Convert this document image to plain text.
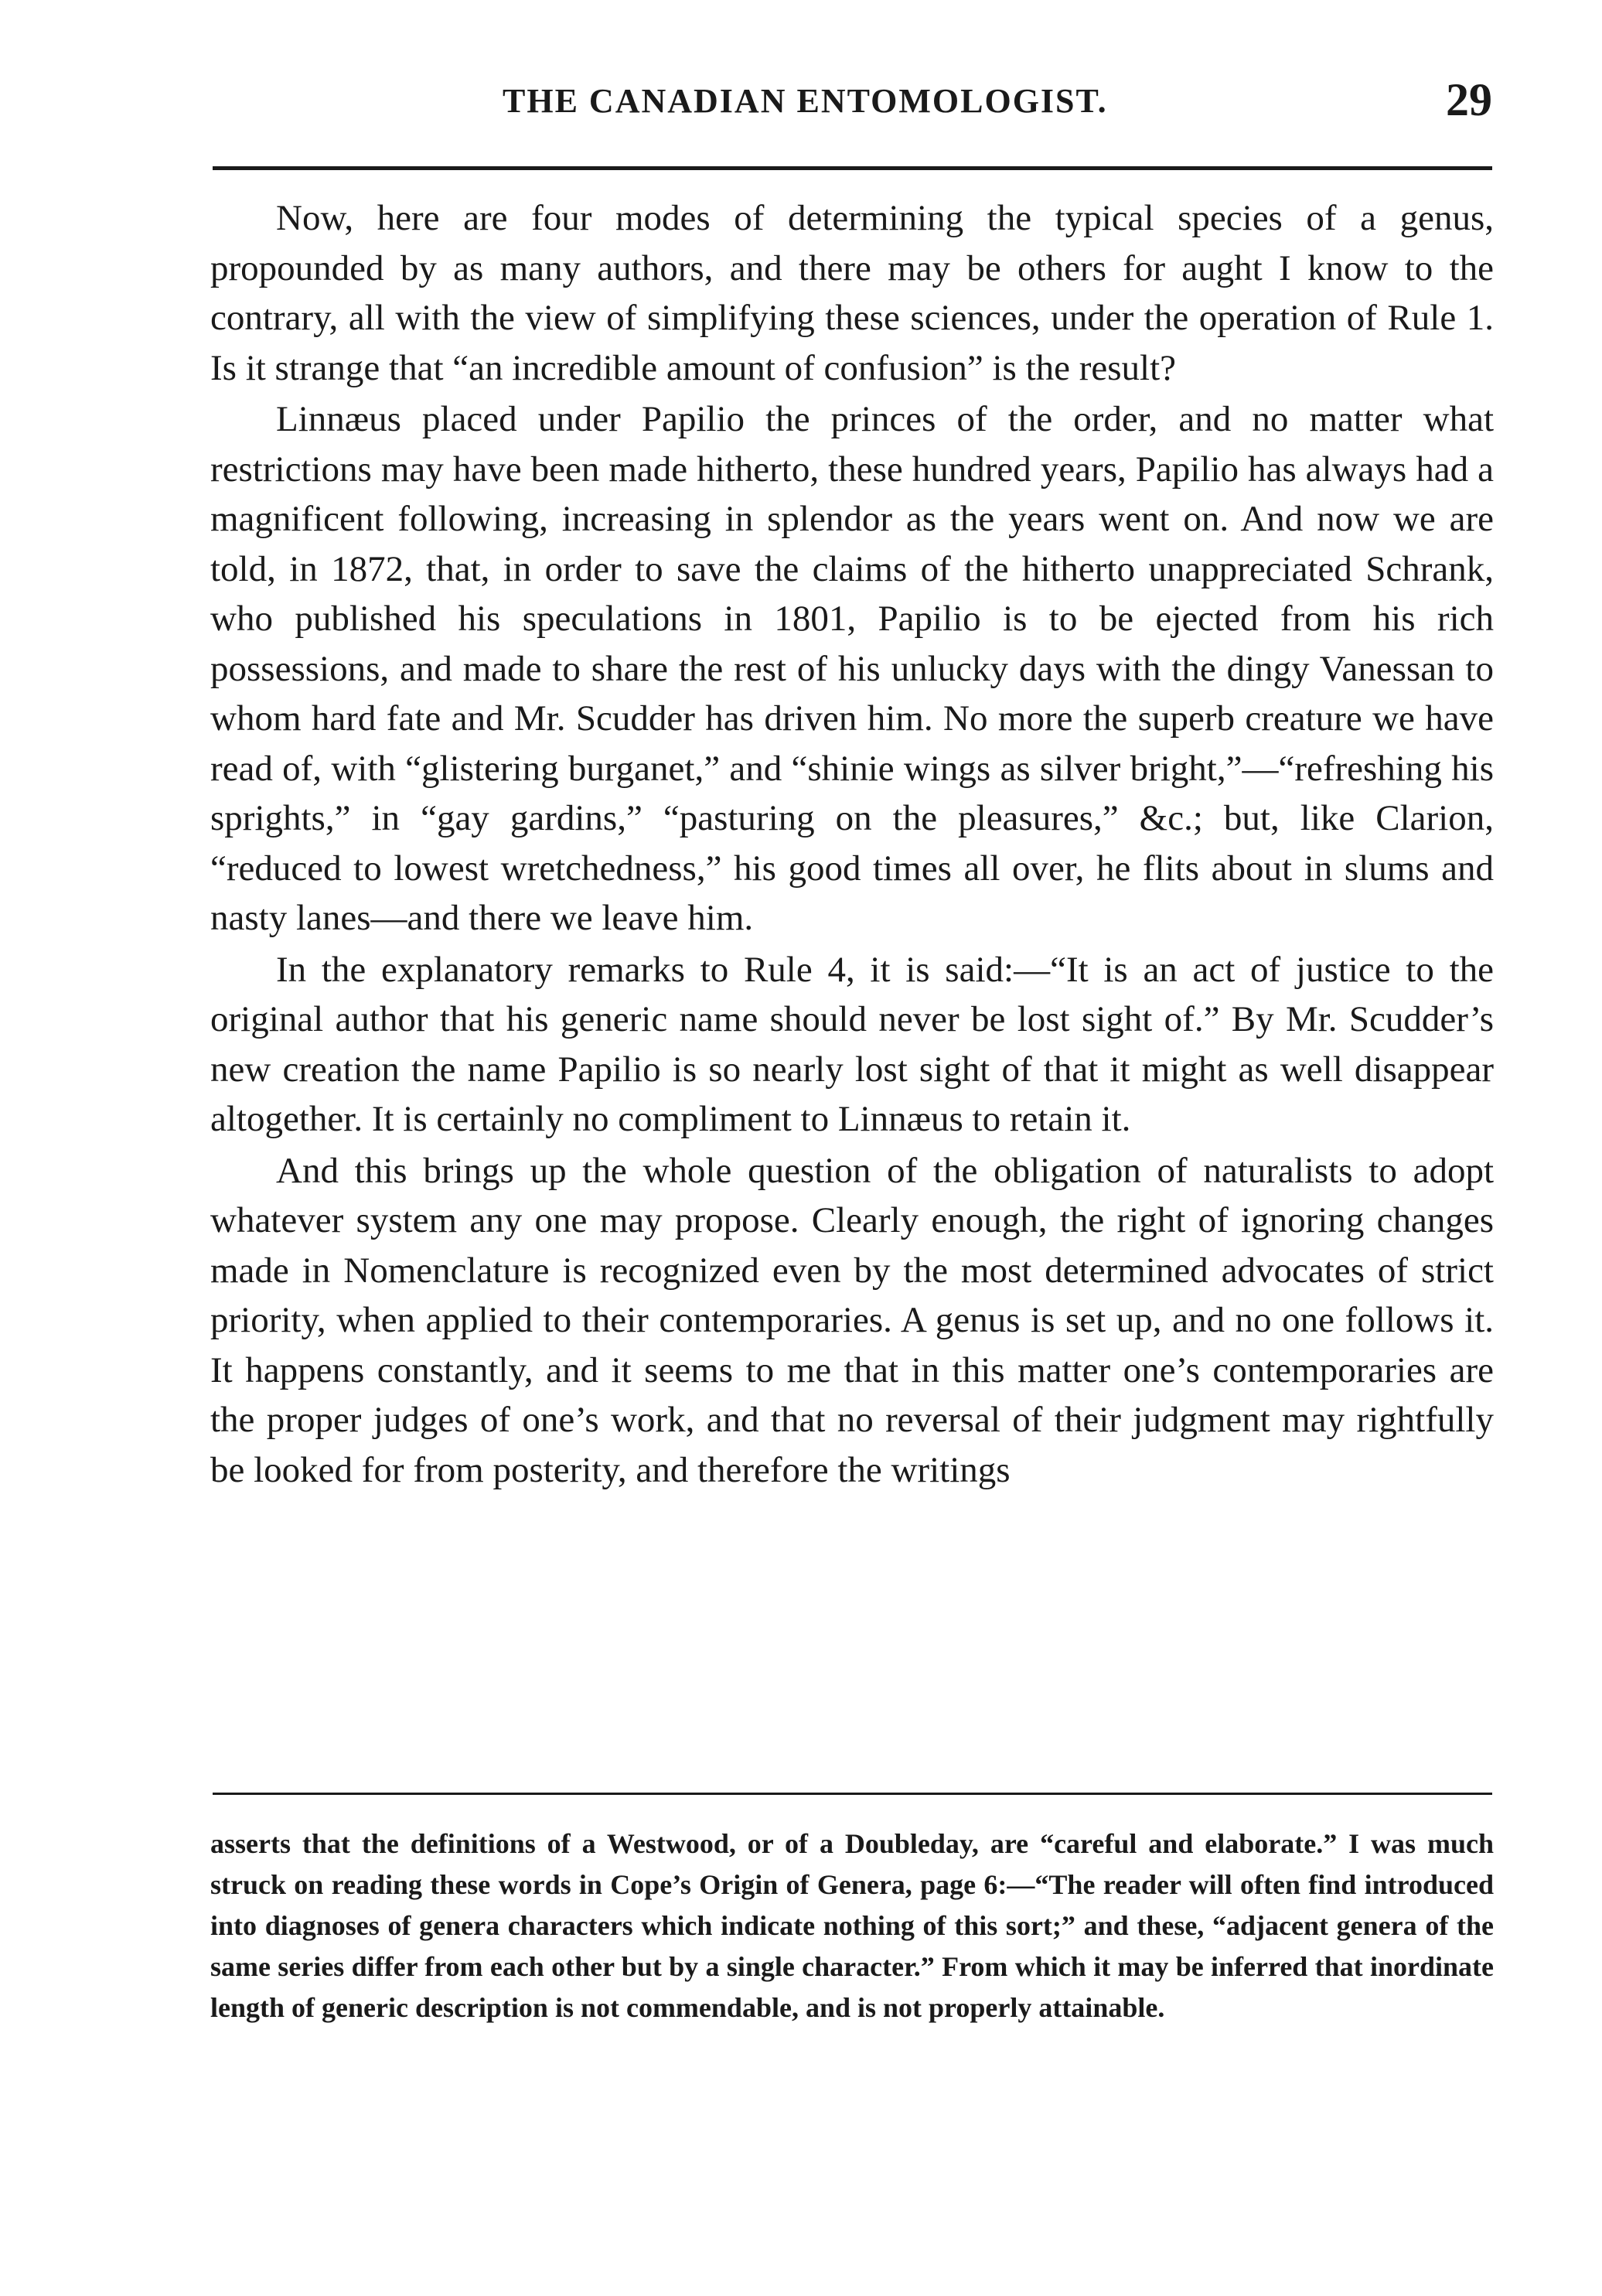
THE CANADIAN ENTOMOLOGIST.	29

Now, here are four modes of determining the typical species of a genus, propounded by as many authors, and there may be others for aught I know to the contrary, all with the view of simplifying these sciences, under the operation of Rule 1. Is it strange that “an incredible amount of confusion” is the result?

Linnæus placed under Papilio the princes of the order, and no matter what restrictions may have been made hitherto, these hundred years, Papilio has always had a magnificent following, increasing in splendor as the years went on. And now we are told, in 1872, that, in order to save the claims of the hitherto unappreciated Schrank, who published his speculations in 1801, Papilio is to be ejected from his rich possessions, and made to share the rest of his unlucky days with the dingy Vanessan to whom hard fate and Mr. Scudder has driven him. No more the superb creature we have read of, with “glistering burganet,” and “shinie wings as silver bright,”—“refreshing his sprights,” in “gay gardins,” “pasturing on the pleasures,” &c.; but, like Clarion, “reduced to lowest wretchedness,” his good times all over, he flits about in slums and nasty lanes—and there we leave him.

In the explanatory remarks to Rule 4, it is said:—“It is an act of justice to the original author that his generic name should never be lost sight of.” By Mr. Scudder’s new creation the name Papilio is so nearly lost sight of that it might as well disappear altogether. It is certainly no compliment to Linnæus to retain it.

And this brings up the whole question of the obligation of naturalists to adopt whatever system any one may propose. Clearly enough, the right of ignoring changes made in Nomenclature is recognized even by the most determined advocates of strict priority, when applied to their contemporaries. A genus is set up, and no one follows it. It happens constantly, and it seems to me that in this matter one’s contemporaries are the proper judges of one’s work, and that no reversal of their judgment may rightfully be looked for from posterity, and therefore the writings

asserts that the definitions of a Westwood, or of a Doubleday, are “careful and elaborate.” I was much struck on reading these words in Cope’s Origin of Genera, page 6:—“The reader will often find introduced into diagnoses of genera characters which indicate nothing of this sort;” and these, “adjacent genera of the same series differ from each other but by a single character.” From which it may be inferred that inordinate length of generic description is not commendable, and is not properly attainable.
